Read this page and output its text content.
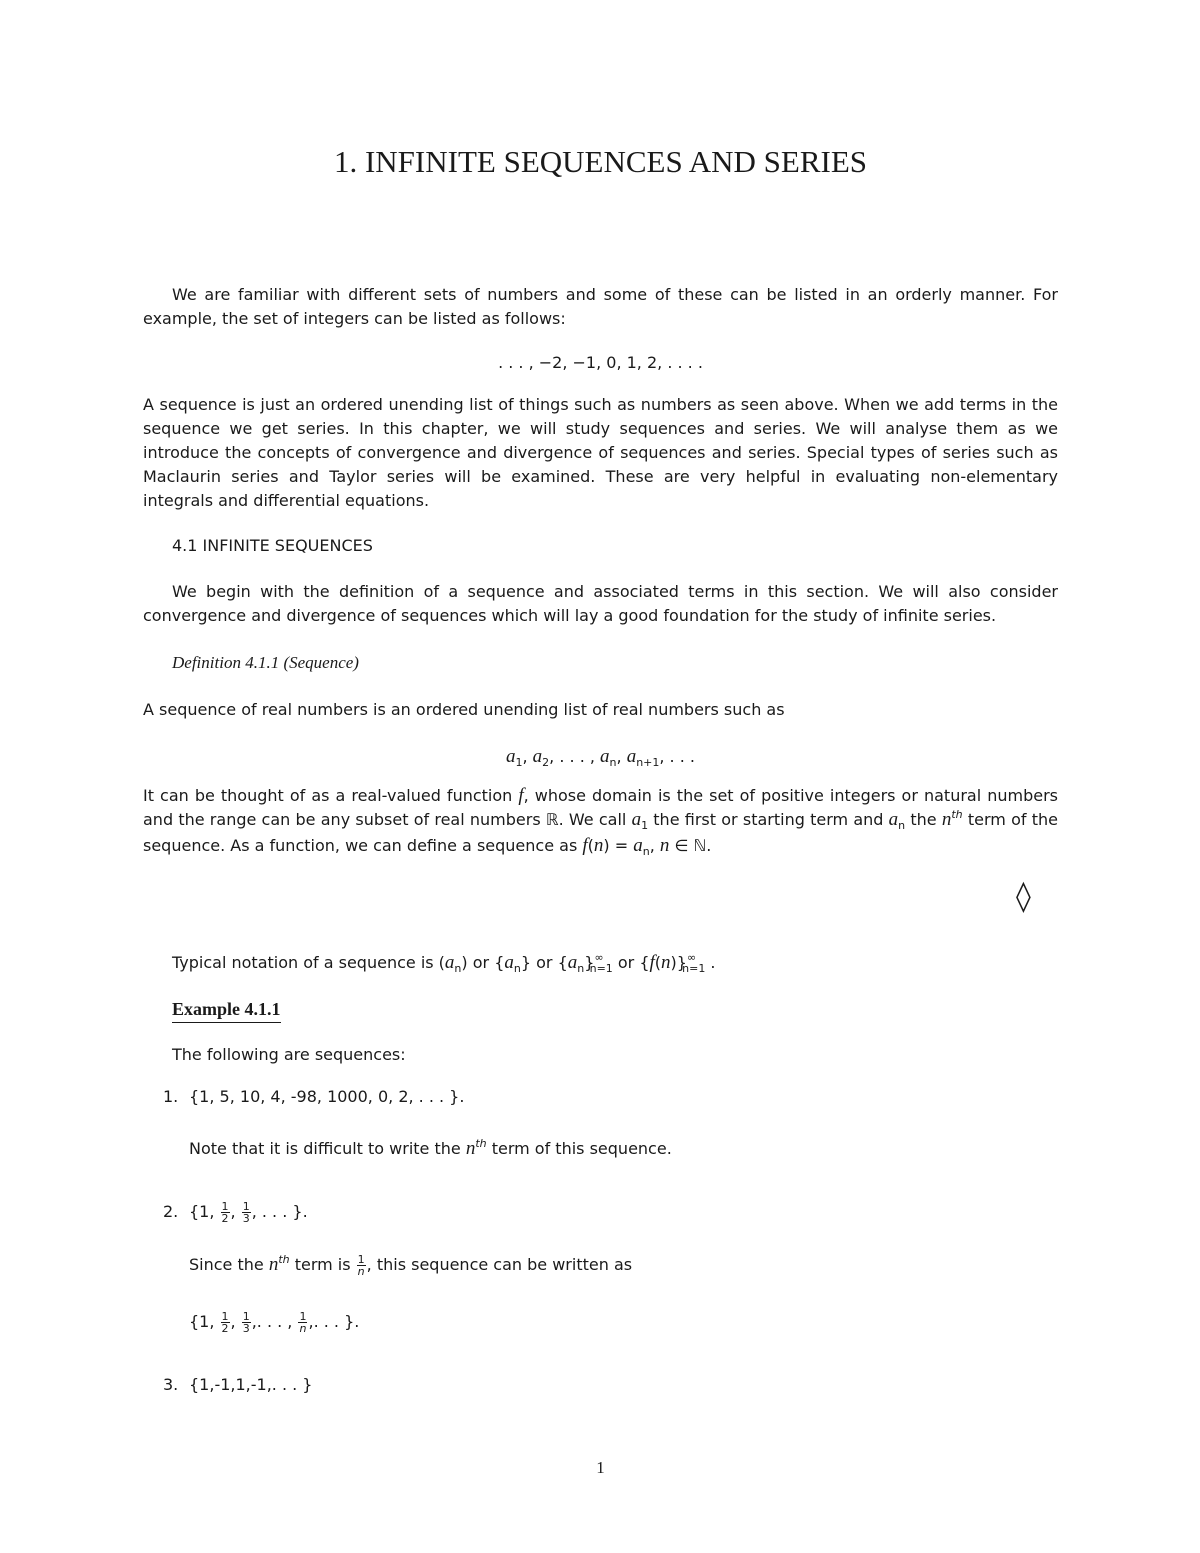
1. INFINITE SEQUENCES AND SERIES
We are familiar with different sets of numbers and some of these can be listed in an orderly manner. For example, the set of integers can be listed as follows:
. . . , −2, −1, 0, 1, 2, . . . .
A sequence is just an ordered unending list of things such as numbers as seen above. When we add terms in the sequence we get series. In this chapter, we will study sequences and series. We will analyse them as we introduce the concepts of convergence and divergence of sequences and series. Special types of series such as Maclaurin series and Taylor series will be examined. These are very helpful in evaluating non-elementary integrals and differential equations.
4.1 INFINITE SEQUENCES
We begin with the definition of a sequence and associated terms in this section. We will also consider convergence and divergence of sequences which will lay a good foundation for the study of infinite series.
Definition 4.1.1 (Sequence)
A sequence of real numbers is an ordered unending list of real numbers such as
$a_1$, $a_2$, . . . , $a_n$, $a_{n+1}$, . . .
It can be thought of as a real-valued function f, whose domain is the set of positive integers or natural numbers and the range can be any subset of real numbers ℝ. We call $a_1$ the first or starting term and $a_n$ the $n^{th}$ term of the sequence. As a function, we can define a sequence as $f(n) = a_n$, n ∈ ℕ.
◊
Typical notation of a sequence is $(a_n)$ or $\{a_n\}$ or $\{a_n\}^\infty_{n=1}$ or $\{f(n)\}^\infty_{n=1}$ .
Example 4.1.1
The following are sequences:
1. {1, 5, 10, 4, -98, 1000, 0, 2, . . . }.
Note that it is difficult to write the $n^{th}$ term of this sequence.
2. {1, $\frac{1}{2}$ , $\frac{1}{3}$ , . . . }.
Since the $n^{th}$ term is $\frac{1}{n}$ , this sequence can be written as
{1, $\frac{1}{2}$ , $\frac{1}{3}$ ,. . . , $\frac{1}{n}$ ,. . . }.
3. {1,-1,1,-1,. . . }
1
